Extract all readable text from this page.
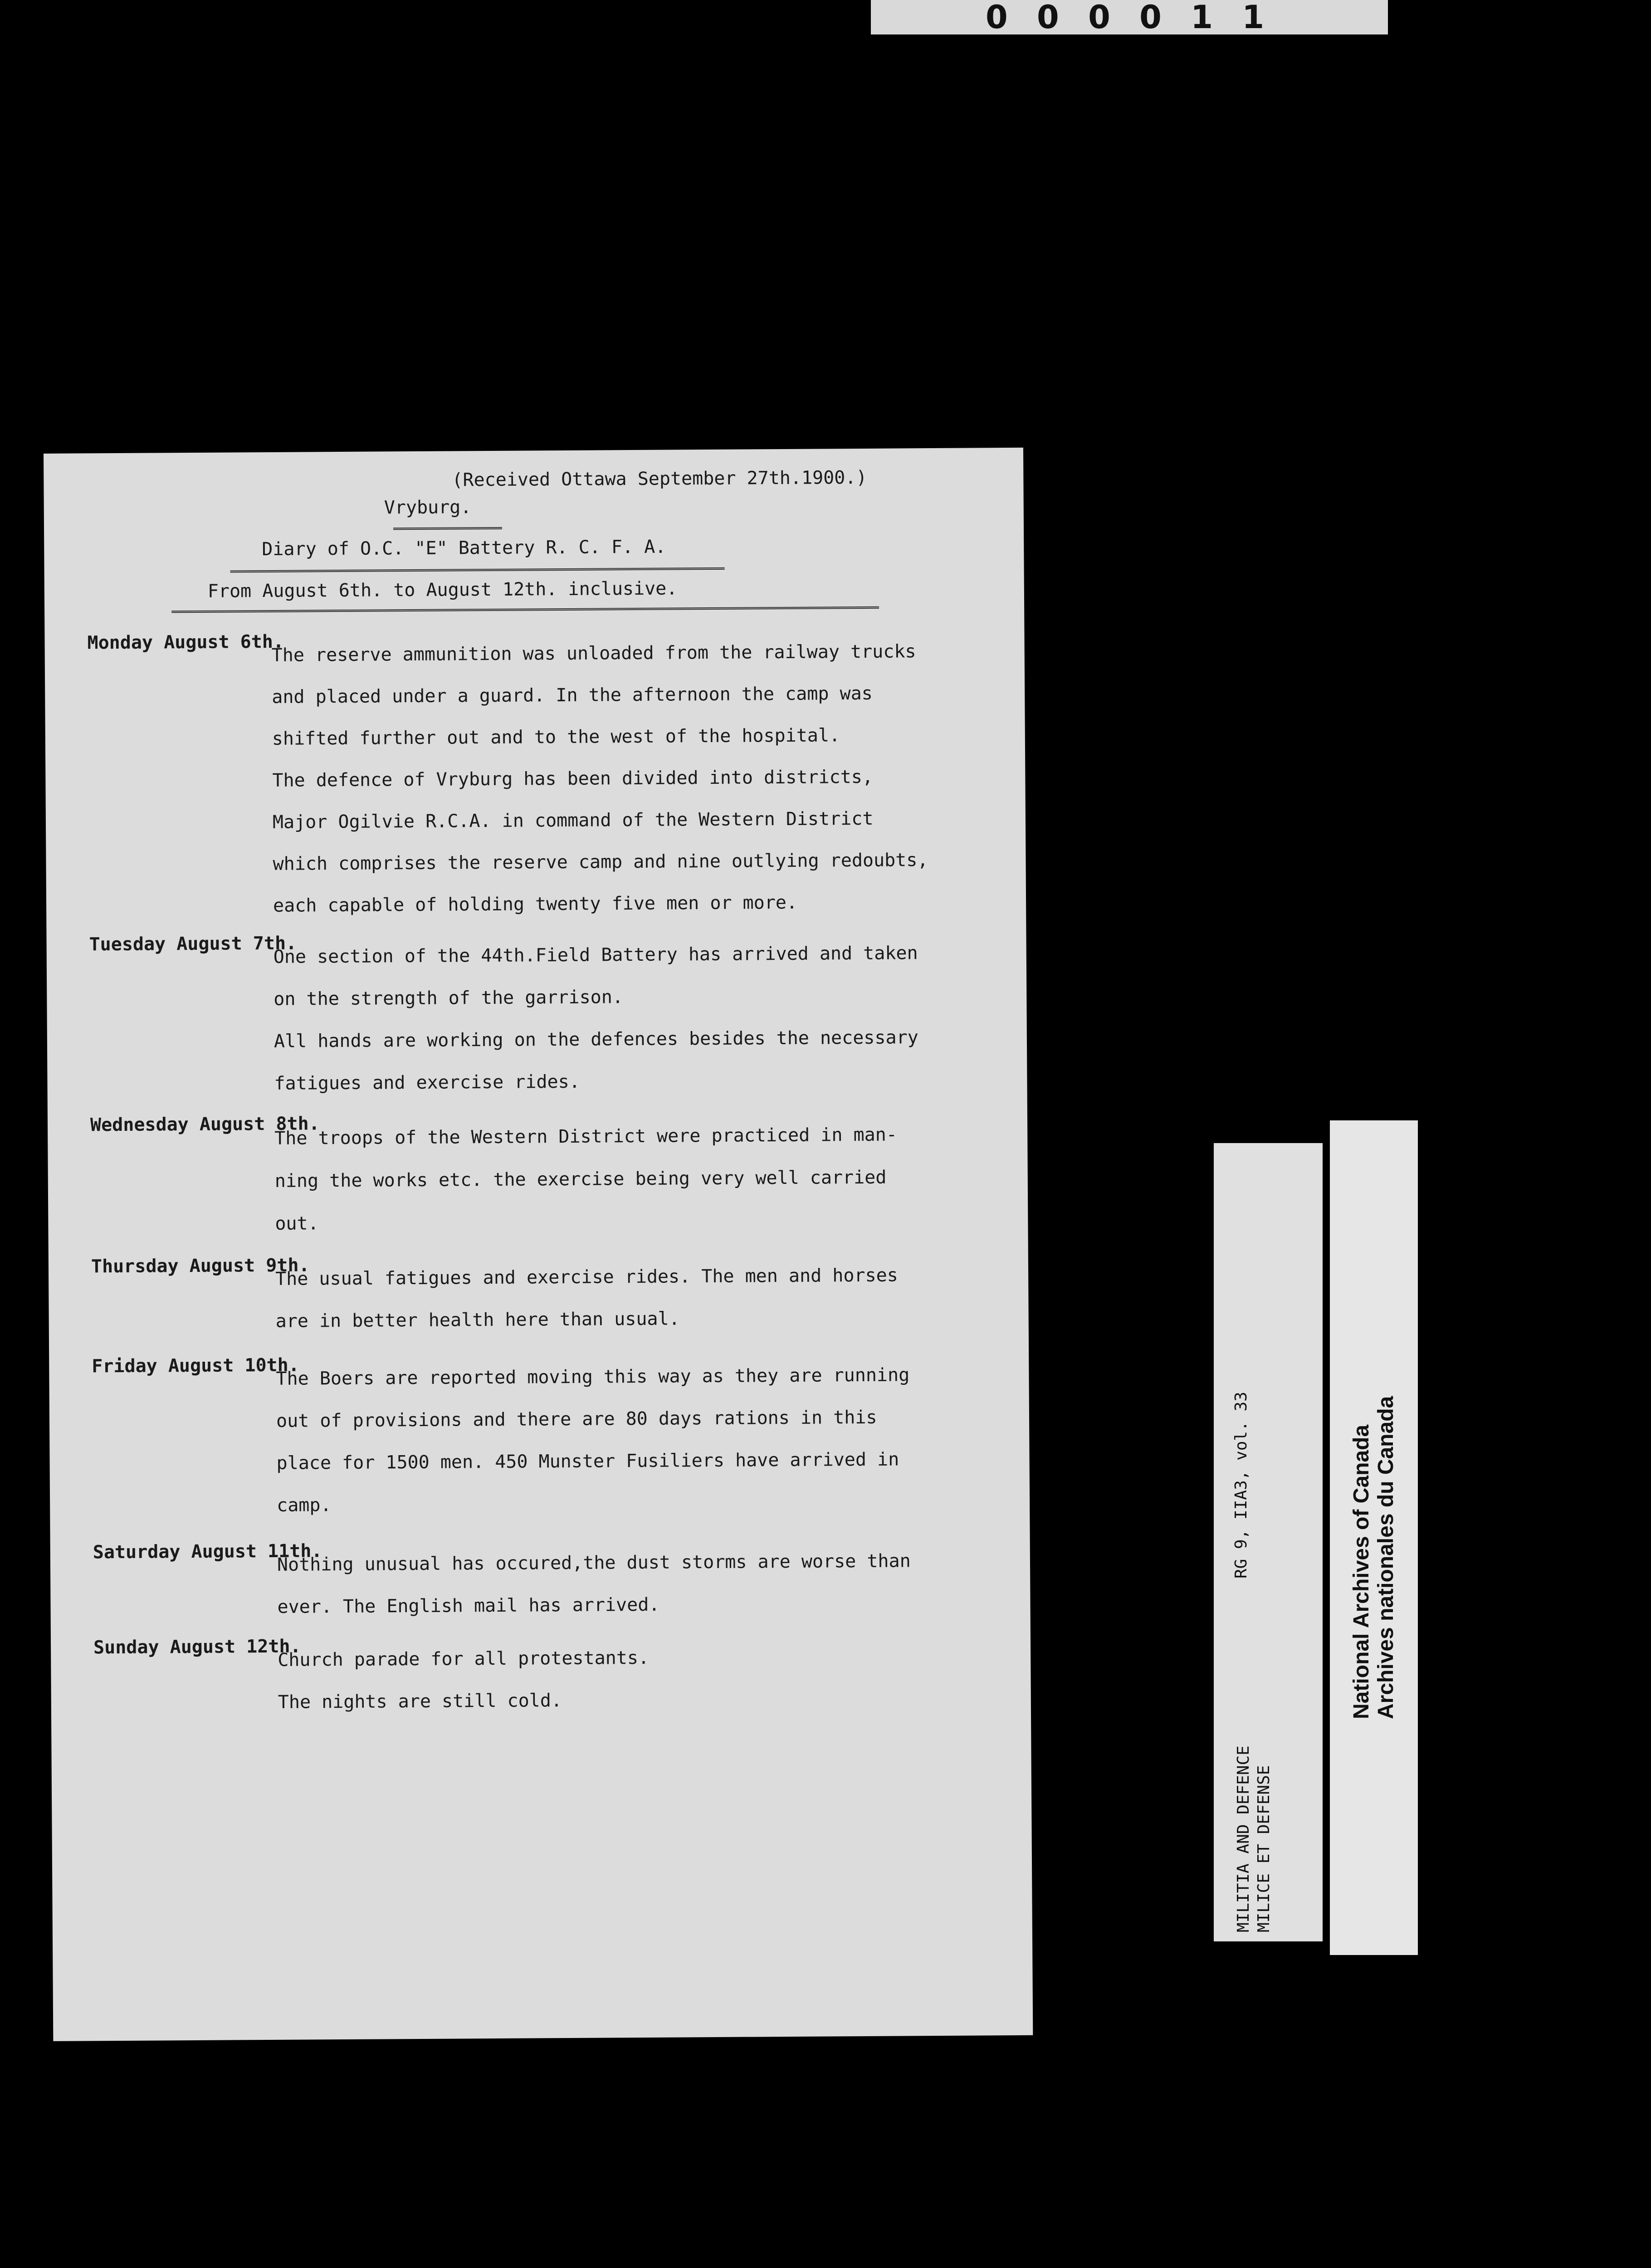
0 0 0 0 1 1
(Received Ottawa September 27th.1900.)
Vryburg.
Diary of O.C. "E" Battery R. C. F. A.
From August 6th. to August 12th. inclusive.
Monday August 6th.
The reserve ammunition was unloaded from the railway trucks
and placed under a guard. In the afternoon the camp was
shifted further out and to the west of the hospital.
The defence of Vryburg has been divided into districts,
Major Ogilvie R.C.A. in command of the Western District
which comprises the reserve camp and nine outlying redoubts,
each capable of holding twenty five men or more.
Tuesday August 7th.
One section of the 44th.Field Battery has arrived and taken
on the strength of the garrison.
All hands are working on the defences besides the necessary
fatigues and exercise rides.
Wednesday August 8th.
The troops of the Western District were practiced in man-
ning the works etc. the exercise being very well carried
out.
Thursday August 9th.
The usual fatigues and exercise rides. The men and horses
are in better health here than usual.
Friday August 10th.
The Boers are reported moving this way as they are running
out of provisions and there are 80 days rations in this
place for 1500 men. 450 Munster Fusiliers have arrived in
camp.
Saturday August 11th.
Nothing unusual has occured,the dust storms are worse than
ever. The English mail has arrived.
Sunday August 12th.
Church parade for all protestants.
The nights are still cold.
RG 9, IIA3, vol. 33
MILITIA AND DEFENCE MILICE ET DEFENSE
National Archives of Canada Archives nationales du Canada
